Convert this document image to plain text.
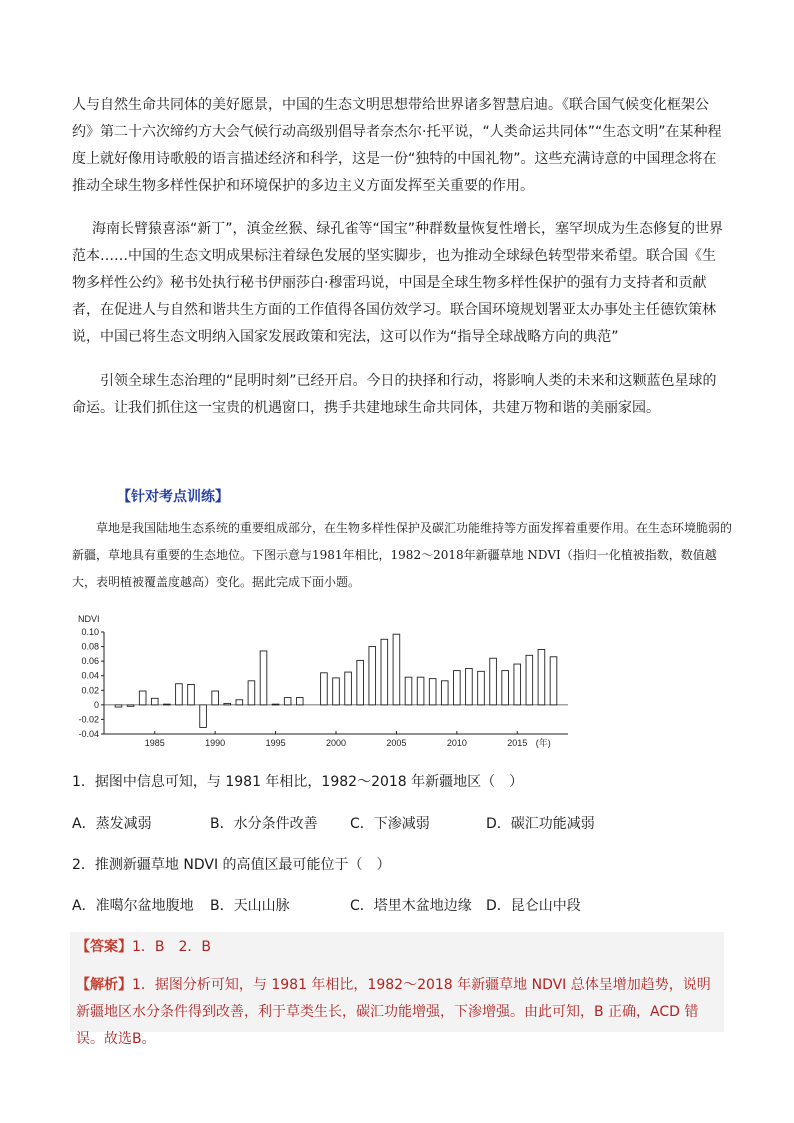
人与自然生命共同体的美好愿景，中国的生态文明思想带给世界诸多智慧启迪。《联合国气候变化框架公约》第二十六次缔约方大会气候行动高级别倡导者奈杰尔·托平说，“人类命运共同体”“生态文明”在某种程度上就好像用诗歌般的语言描述经济和科学，这是一份“独特的中国礼物”。这些充满诗意的中国理念将在推动全球生物多样性保护和环境保护的多边主义方面发挥至关重要的作用。

海南长臂猿喜添“新丁”，滇金丝猴、绿孔雀等“国宝”种群数量恢复性增长，塞罕坝成为生态修复的世界范本……中国的生态文明成果标注着绿色发展的坚实脚步，也为推动全球绿色转型带来希望。联合国《生物多样性公约》秘书处执行秘书伊丽莎白·穆雷玛说，中国是全球生物多样性保护的强有力支持者和贡献者，在促进人与自然和谐共生方面的工作值得各国仿效学习。联合国环境规划署亚太办事处主任德钦策林说，中国已将生态文明纳入国家发展政策和宪法，这可以作为“指导全球战略方向的典范”

引领全球生态治理的“昆明时刻”已经开启。今日的抉择和行动，将影响人类的未来和这颗蓝色星球的命运。让我们抓住这一宝贵的机遇窗口，携手共建地球生命共同体，共建万物和谐的美丽家园。

【针对考点训练】

草地是我国陆地生态系统的重要组成部分，在生物多样性保护及碳汇功能维持等方面发挥着重要作用。在生态环境脆弱的新疆，草地具有重要的生态地位。下图示意与1981年相比，1982～2018年新疆草地 NDVI（指归一化植被指数，数值越大，表明植被覆盖度越高）变化。据此完成下面小题。

NDVI
0.10
0.08
0.06
0.04
0.02
0
-0.02
-0.04
1985	1990	1995	2000	2005	2010	2015 (年)

1．据图中信息可知，与 1981 年相比，1982～2018 年新疆地区（　）

A．蒸发减弱	B．水分条件改善 C．下渗减弱	D．碳汇功能减弱

2．推测新疆草地 NDVI 的高值区最可能位于（　）

A．准噶尔盆地腹地 B．天山山脉	C．塔里木盆地边缘 D．昆仑山中段

【答案】1．B　2．B

【解析】1．据图分析可知，与 1981 年相比，1982～2018 年新疆草地 NDVI 总体呈增加趋势，说明新疆地区水分条件得到改善，利于草类生长，碳汇功能增强，下渗增强。由此可知，B 正确，ACD 错误。故选B。
